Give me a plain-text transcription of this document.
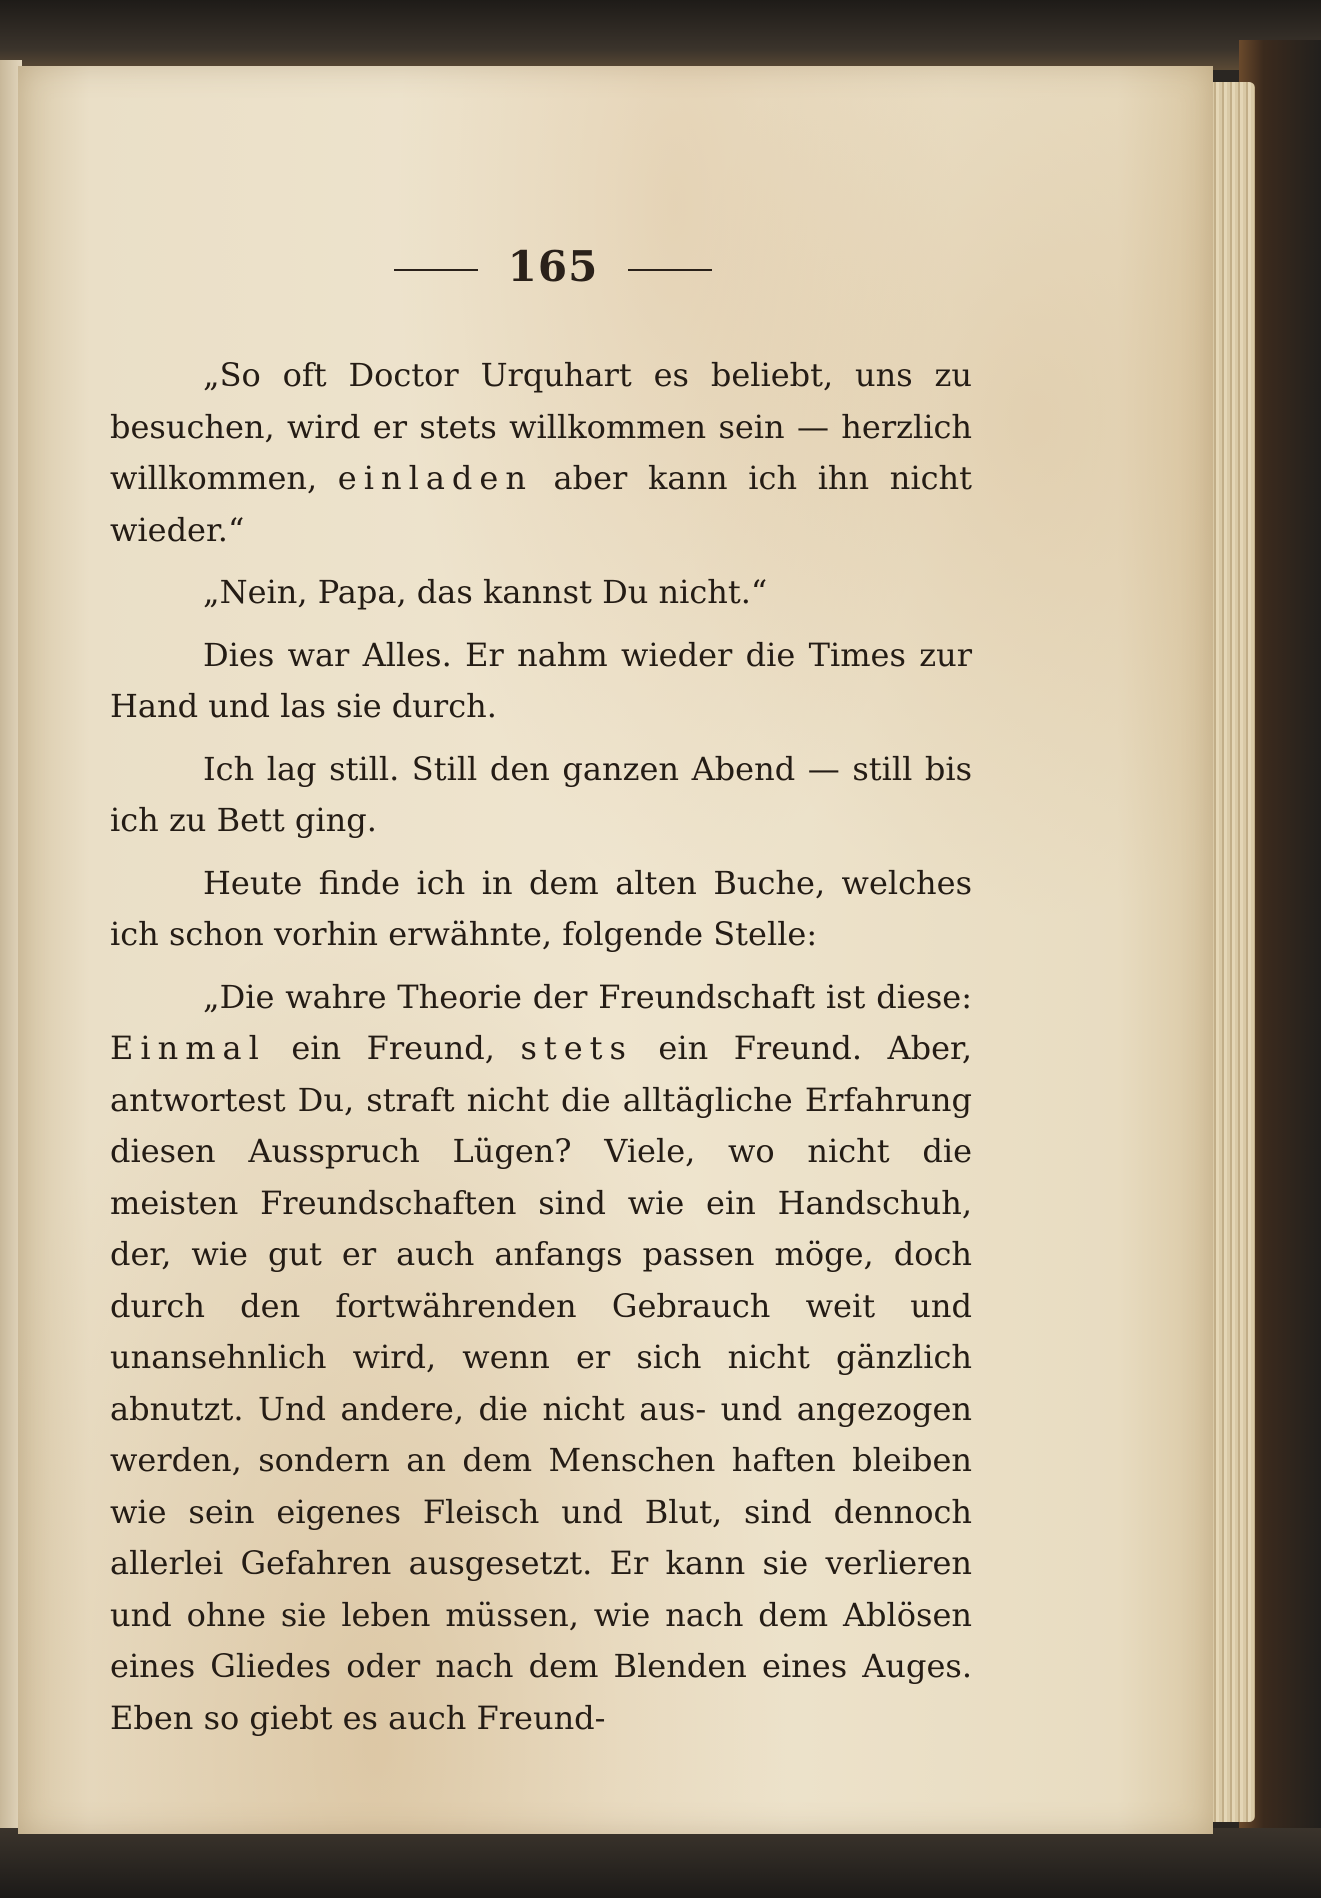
165

„So oft Doctor Urquhart es beliebt, uns zu besuchen, wird er stets willkommen sein — herzlich willkommen, einladen aber kann ich ihn nicht wieder.“

„Nein, Papa, das kannst Du nicht.“

Dies war Alles. Er nahm wieder die Times zur Hand und las sie durch.

Ich lag still. Still den ganzen Abend — still bis ich zu Bett ging.

Heute finde ich in dem alten Buche, welches ich schon vorhin erwähnte, folgende Stelle:

„Die wahre Theorie der Freundschaft ist diese: Einmal ein Freund, stets ein Freund. Aber, antwortest Du, straft nicht die alltägliche Erfahrung diesen Ausspruch Lügen? Viele, wo nicht die meisten Freundschaften sind wie ein Handschuh, der, wie gut er auch anfangs passen möge, doch durch den fortwährenden Gebrauch weit und unansehnlich wird, wenn er sich nicht gänzlich abnutzt. Und andere, die nicht aus- und angezogen werden, sondern an dem Menschen haften bleiben wie sein eigenes Fleisch und Blut, sind dennoch allerlei Gefahren ausgesetzt. Er kann sie verlieren und ohne sie leben müssen, wie nach dem Ablösen eines Gliedes oder nach dem Blenden eines Auges. Eben so giebt es auch Freund-
